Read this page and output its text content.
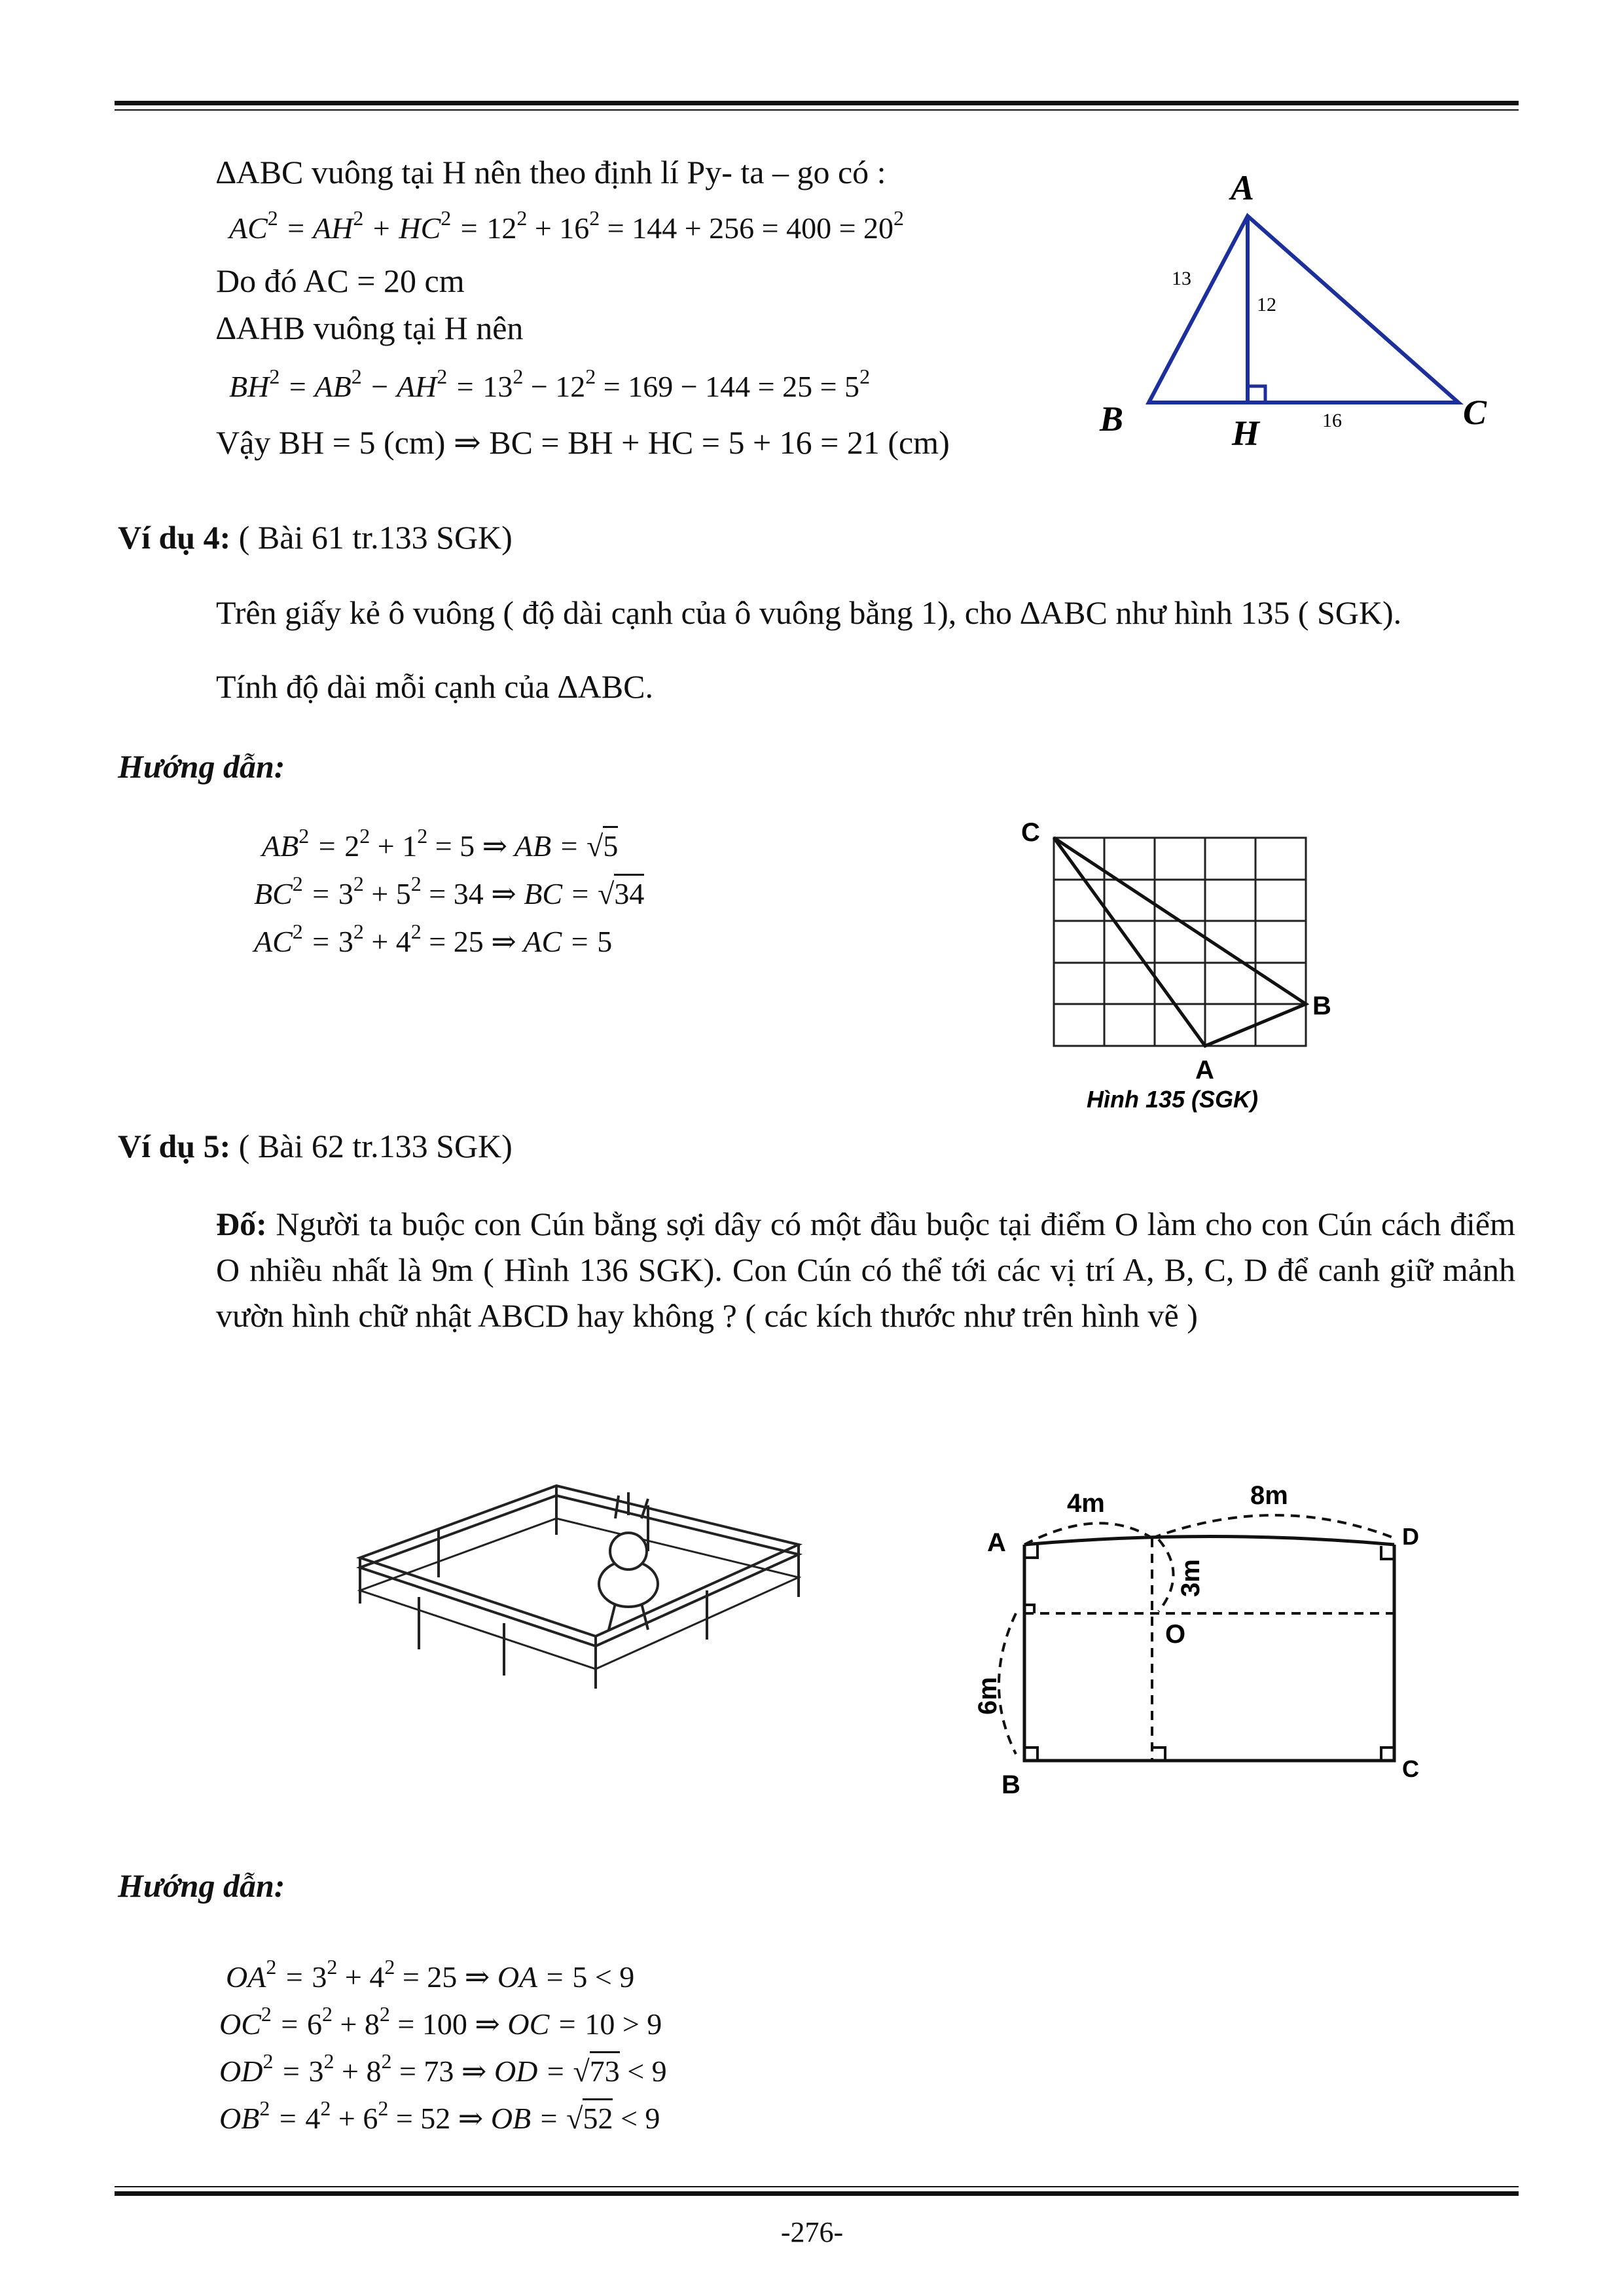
∆ABC vuông tại H nên theo định lí Py- ta – go có :
$AC^2 = AH^2 + HC^2 = 12^2 + 16^2 = 144 + 256 = 400 = 20^2$
Do đó AC = 20 cm
∆AHB vuông tại H nên
$BH^2 = AB^2 - AH^2 = 13^2 - 12^2 = 169 - 144 = 25 = 5^2$
Vậy BH = 5 (cm) ⇒ BC = BH + HC = 5 + 16 = 21 (cm)
A
B	C
H
13
12
16
Ví dụ 4: ( Bài 61 tr.133 SGK)
Trên giấy kẻ ô vuông ( độ dài cạnh của ô vuông bằng 1), cho ∆ABC như hình 135 ( SGK).
Tính độ dài mỗi cạnh của ∆ABC.
Hướng dẫn:
$AB^2 = 2^2 + 1^2 = 5$ ⇒ AB = √5
$BC^2 = 3^2 + 5^2 = 34$ ⇒ BC = √34
$AC^2 = 3^2 + 4^2 = 25$ ⇒ AC = 5
C
B
A
Hình 135 (SGK)
Ví dụ 5: ( Bài 62 tr.133 SGK)
Đố: Người ta buộc con Cún bằng sợi dây có một đầu buộc tại điểm O làm cho con Cún cách điểm O nhiều nhất là 9m ( Hình 136 SGK). Con Cún có thể tới các vị trí A, B, C, D để canh giữ mảnh vườn hình chữ nhật ABCD hay không ? ( các kích thước như trên hình vẽ )
A	D
B
C
O
4m	8m
3m
6m
Hướng dẫn:
$OA^2 = 3^2 + 4^2 = 25$ ⇒ OA = 5 < 9
$OC^2 = 6^2 + 8^2 = 100$ ⇒ OC = 10 > 9
$OD^2 = 3^2 + 8^2 = 73$ ⇒ OD = √73 < 9
$OB^2 = 4^2 + 6^2 = 52$ ⇒ OB = √52 < 9
-276-
